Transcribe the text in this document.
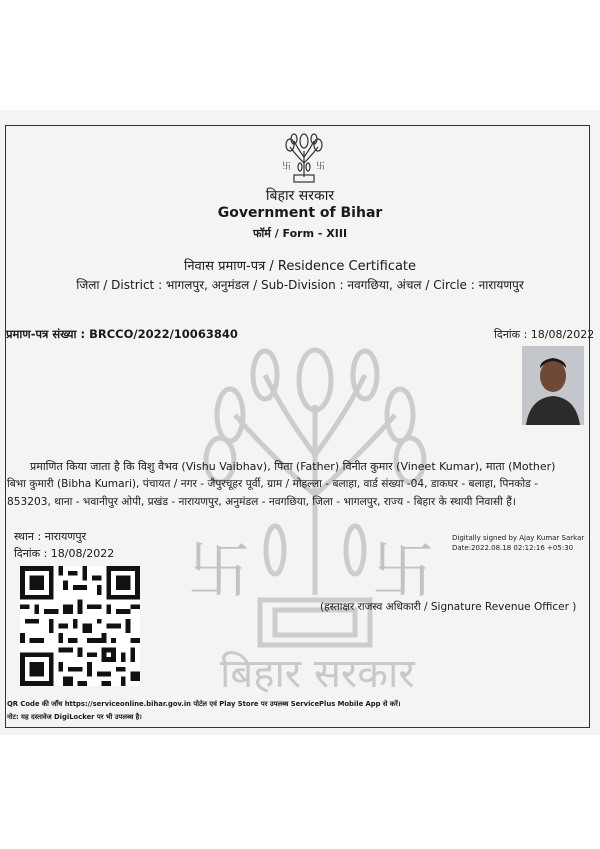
卐	卐
बिहार सरकार
Government of Bihar
फॉर्म / Form - XIII
निवास प्रमाण-पत्र / Residence Certificate
जिला / District : भागलपुर, अनुमंडल / Sub-Division : नवगछिया, अंचल / Circle : नारायणपुर
प्रमाण-पत्र संख्या : BRCCO/2022/10063840	दिनांक : 18/08/2022
बिहार सरकार
卐 卐
प्रमाणित किया जाता है कि विशु वैभव (Vishu Vaibhav), पिता (Father) विनीत कुमार (Vineet Kumar), माता (Mother)
बिभा कुमारी (Bibha Kumari), पंचायत / नगर - जैपुरचूहर पूर्वी, ग्राम / मोहल्ला - बलाहा, वार्ड संख्या -04, डाकघर - बलाहा, पिनकोड -
853203, थाना - भवानीपुर ओपी, प्रखंड - नारायणपुर, अनुमंडल - नवगछिया, जिला - भागलपुर, राज्य - बिहार के स्थायी निवासी हैं।
स्थान : नारायणपुर
दिनांक : 18/08/2022
Digitally signed by Ajay Kumar Sarkar
Date:2022.08.18 02:12:16 +05:30
(हस्ताक्षर राजस्व अधिकारी / Signature Revenue Officer )
QR Code की जाँच https://serviceonline.bihar.gov.in पोर्टल एवं Play Store पर उपलब्ध ServicePlus Mobile App से करें।
नोट: यह दस्तावेज DigiLocker पर भी उपलब्ध है।
